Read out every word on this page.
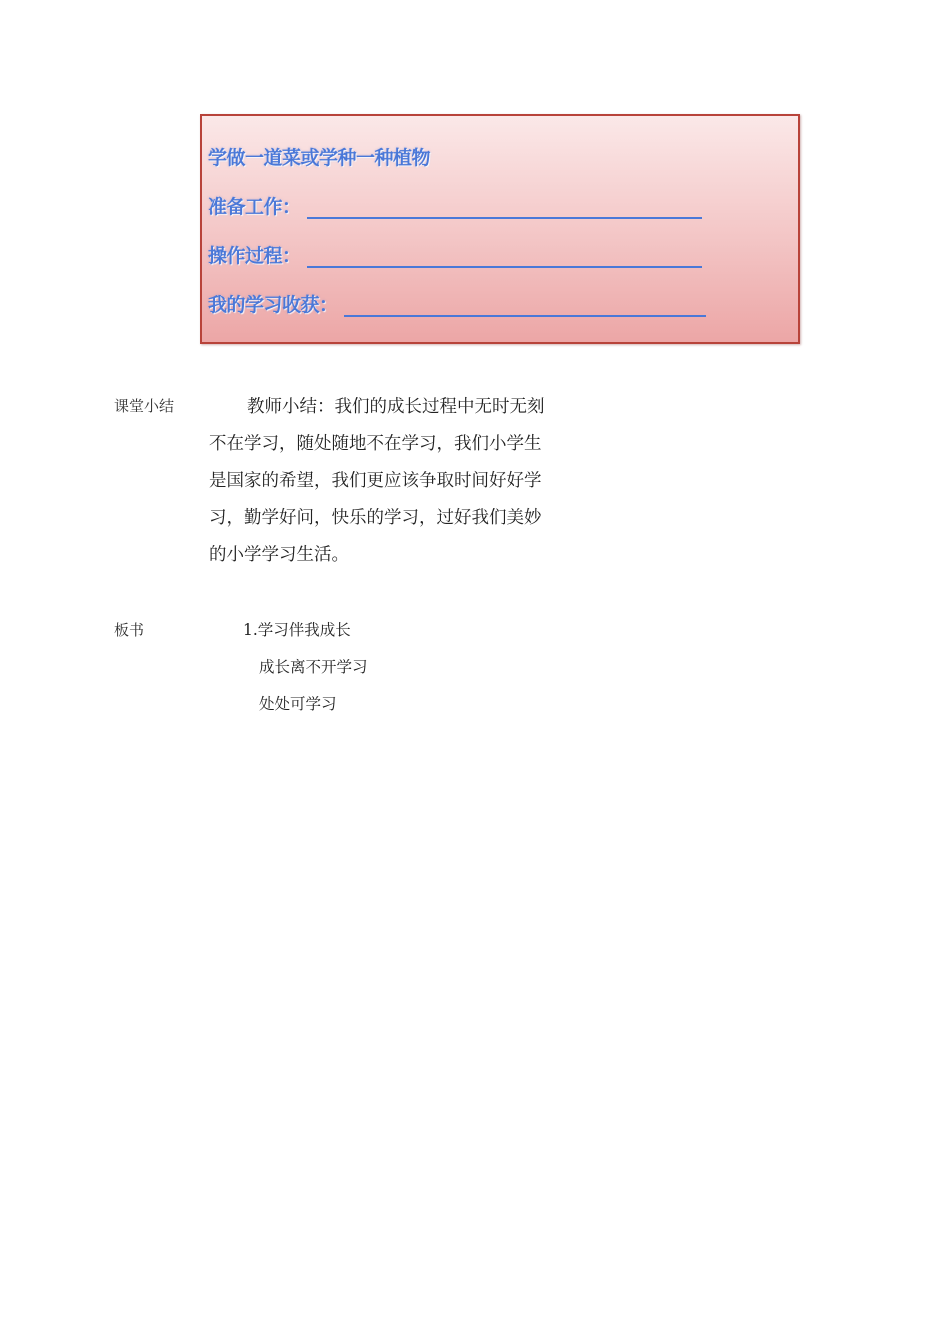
学做一道菜或学种一种植物
准备工作：
操作过程：
我的学习收获：
课堂小结	教师小结：我们的成长过程中无时无刻
不在学习，随处随地不在学习，我们小学生
是国家的希望，我们更应该争取时间好好学
习，勤学好问，快乐的学习，过好我们美妙
的小学学习生活。
板书	1.学习伴我成长
成长离不开学习
处处可学习
